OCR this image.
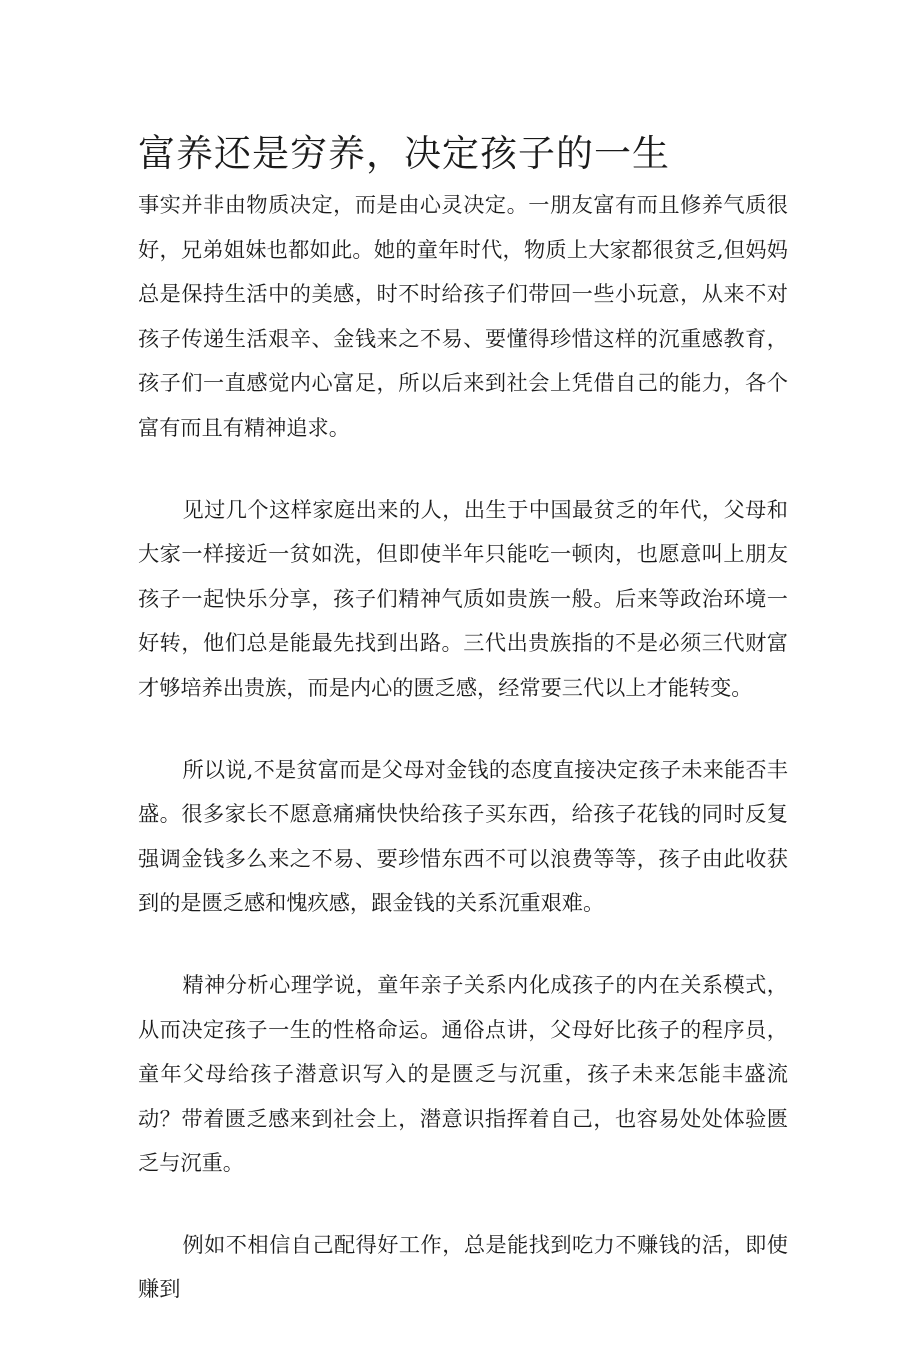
富养还是穷养，决定孩子的一生

事实并非由物质决定，而是由心灵决定。一朋友富有而且修养气质很好，兄弟姐妹也都如此。她的童年时代，物质上大家都很贫乏,但妈妈总是保持生活中的美感，时不时给孩子们带回一些小玩意，从来不对孩子传递生活艰辛、金钱来之不易、要懂得珍惜这样的沉重感教育，孩子们一直感觉内心富足，所以后来到社会上凭借自己的能力，各个富有而且有精神追求。

见过几个这样家庭出来的人，出生于中国最贫乏的年代，父母和大家一样接近一贫如洗，但即使半年只能吃一顿肉，也愿意叫上朋友孩子一起快乐分享，孩子们精神气质如贵族一般。后来等政治环境一好转，他们总是能最先找到出路。三代出贵族指的不是必须三代财富才够培养出贵族，而是内心的匮乏感，经常要三代以上才能转变。

所以说,不是贫富而是父母对金钱的态度直接决定孩子未来能否丰盛。很多家长不愿意痛痛快快给孩子买东西，给孩子花钱的同时反复强调金钱多么来之不易、要珍惜东西不可以浪费等等，孩子由此收获到的是匮乏感和愧疚感，跟金钱的关系沉重艰难。

精神分析心理学说，童年亲子关系内化成孩子的内在关系模式，从而决定孩子一生的性格命运。通俗点讲，父母好比孩子的程序员，童年父母给孩子潜意识写入的是匮乏与沉重，孩子未来怎能丰盛流动？带着匮乏感来到社会上，潜意识指挥着自己，也容易处处体验匮乏与沉重。

例如不相信自己配得好工作，总是能找到吃力不赚钱的活，即使赚到
